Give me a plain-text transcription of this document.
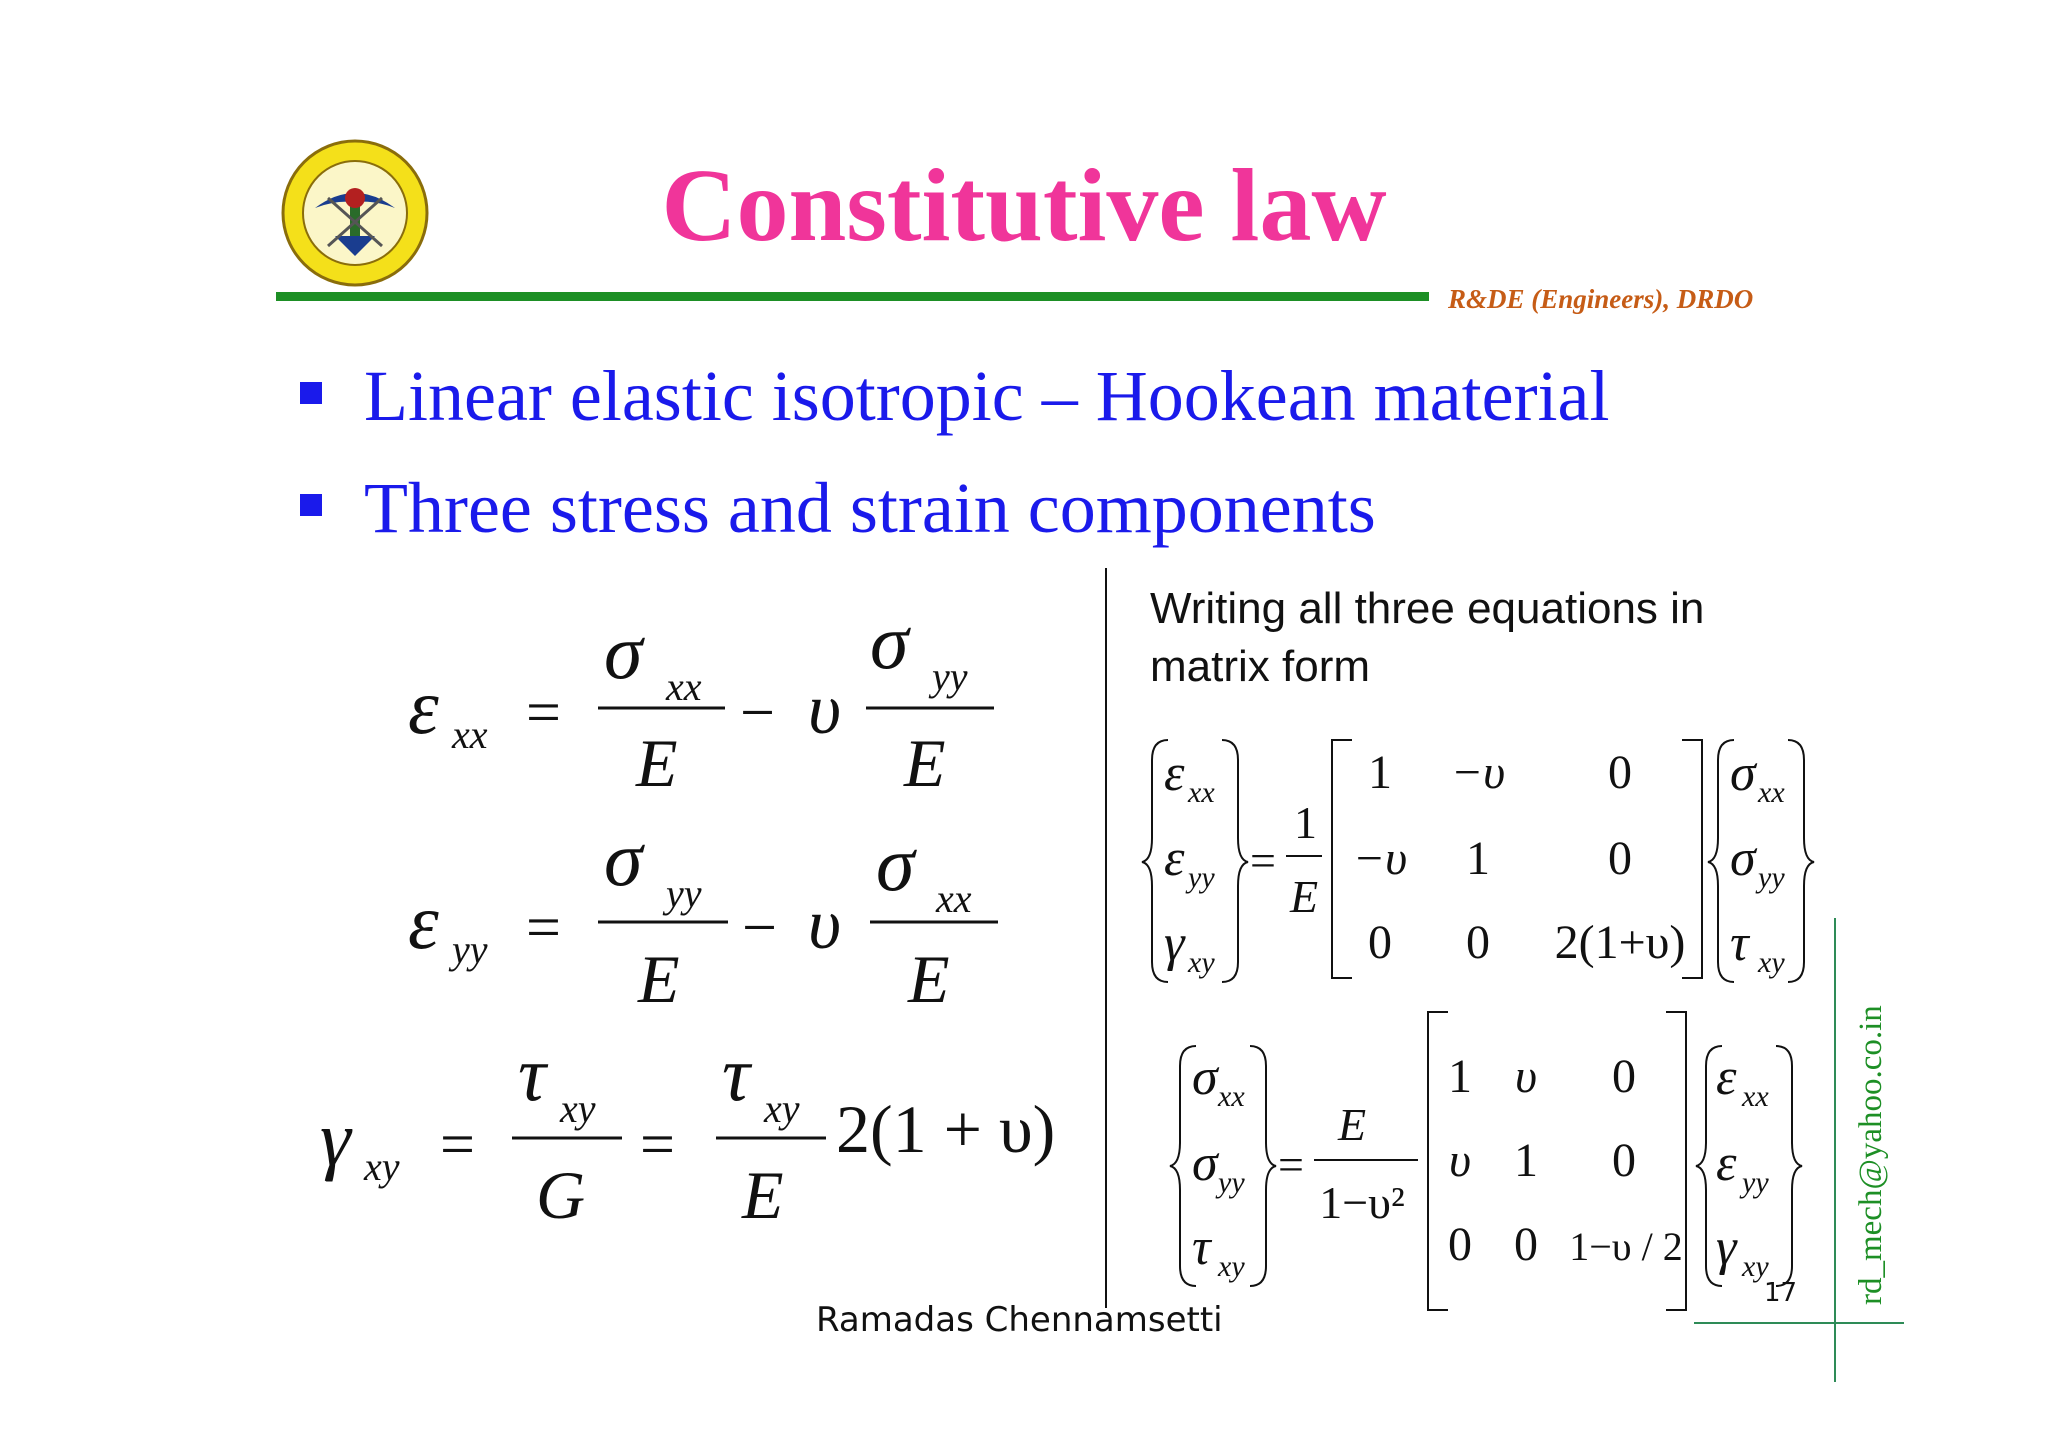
Constitutive law
R&DE (Engineers), DRDO
Linear elastic isotropic – Hookean material
Three stress and strain components
Writing all three equations in matrix form
ε xx =
σ xx
E
− υ
σ yy
E
ε yy =
σ yy
E
− υ
σ xx
E
γ xy =
τ xy
G
=
τ xy
E
2(1 + υ)
ε xx
ε yy
γ xy
=
1
E
1 −υ 0
−υ 1 0
0 0 2(1+υ)
σ xx
σ yy
τ xy
σ xx
σ yy
τ xy
=
E
1−υ²
1 υ 0
υ 1 0
0 0 1−υ / 2
ε xx
ε yy
γ xy
Ramadas Chennamsetti
17 rd_mech@yahoo.co.in
